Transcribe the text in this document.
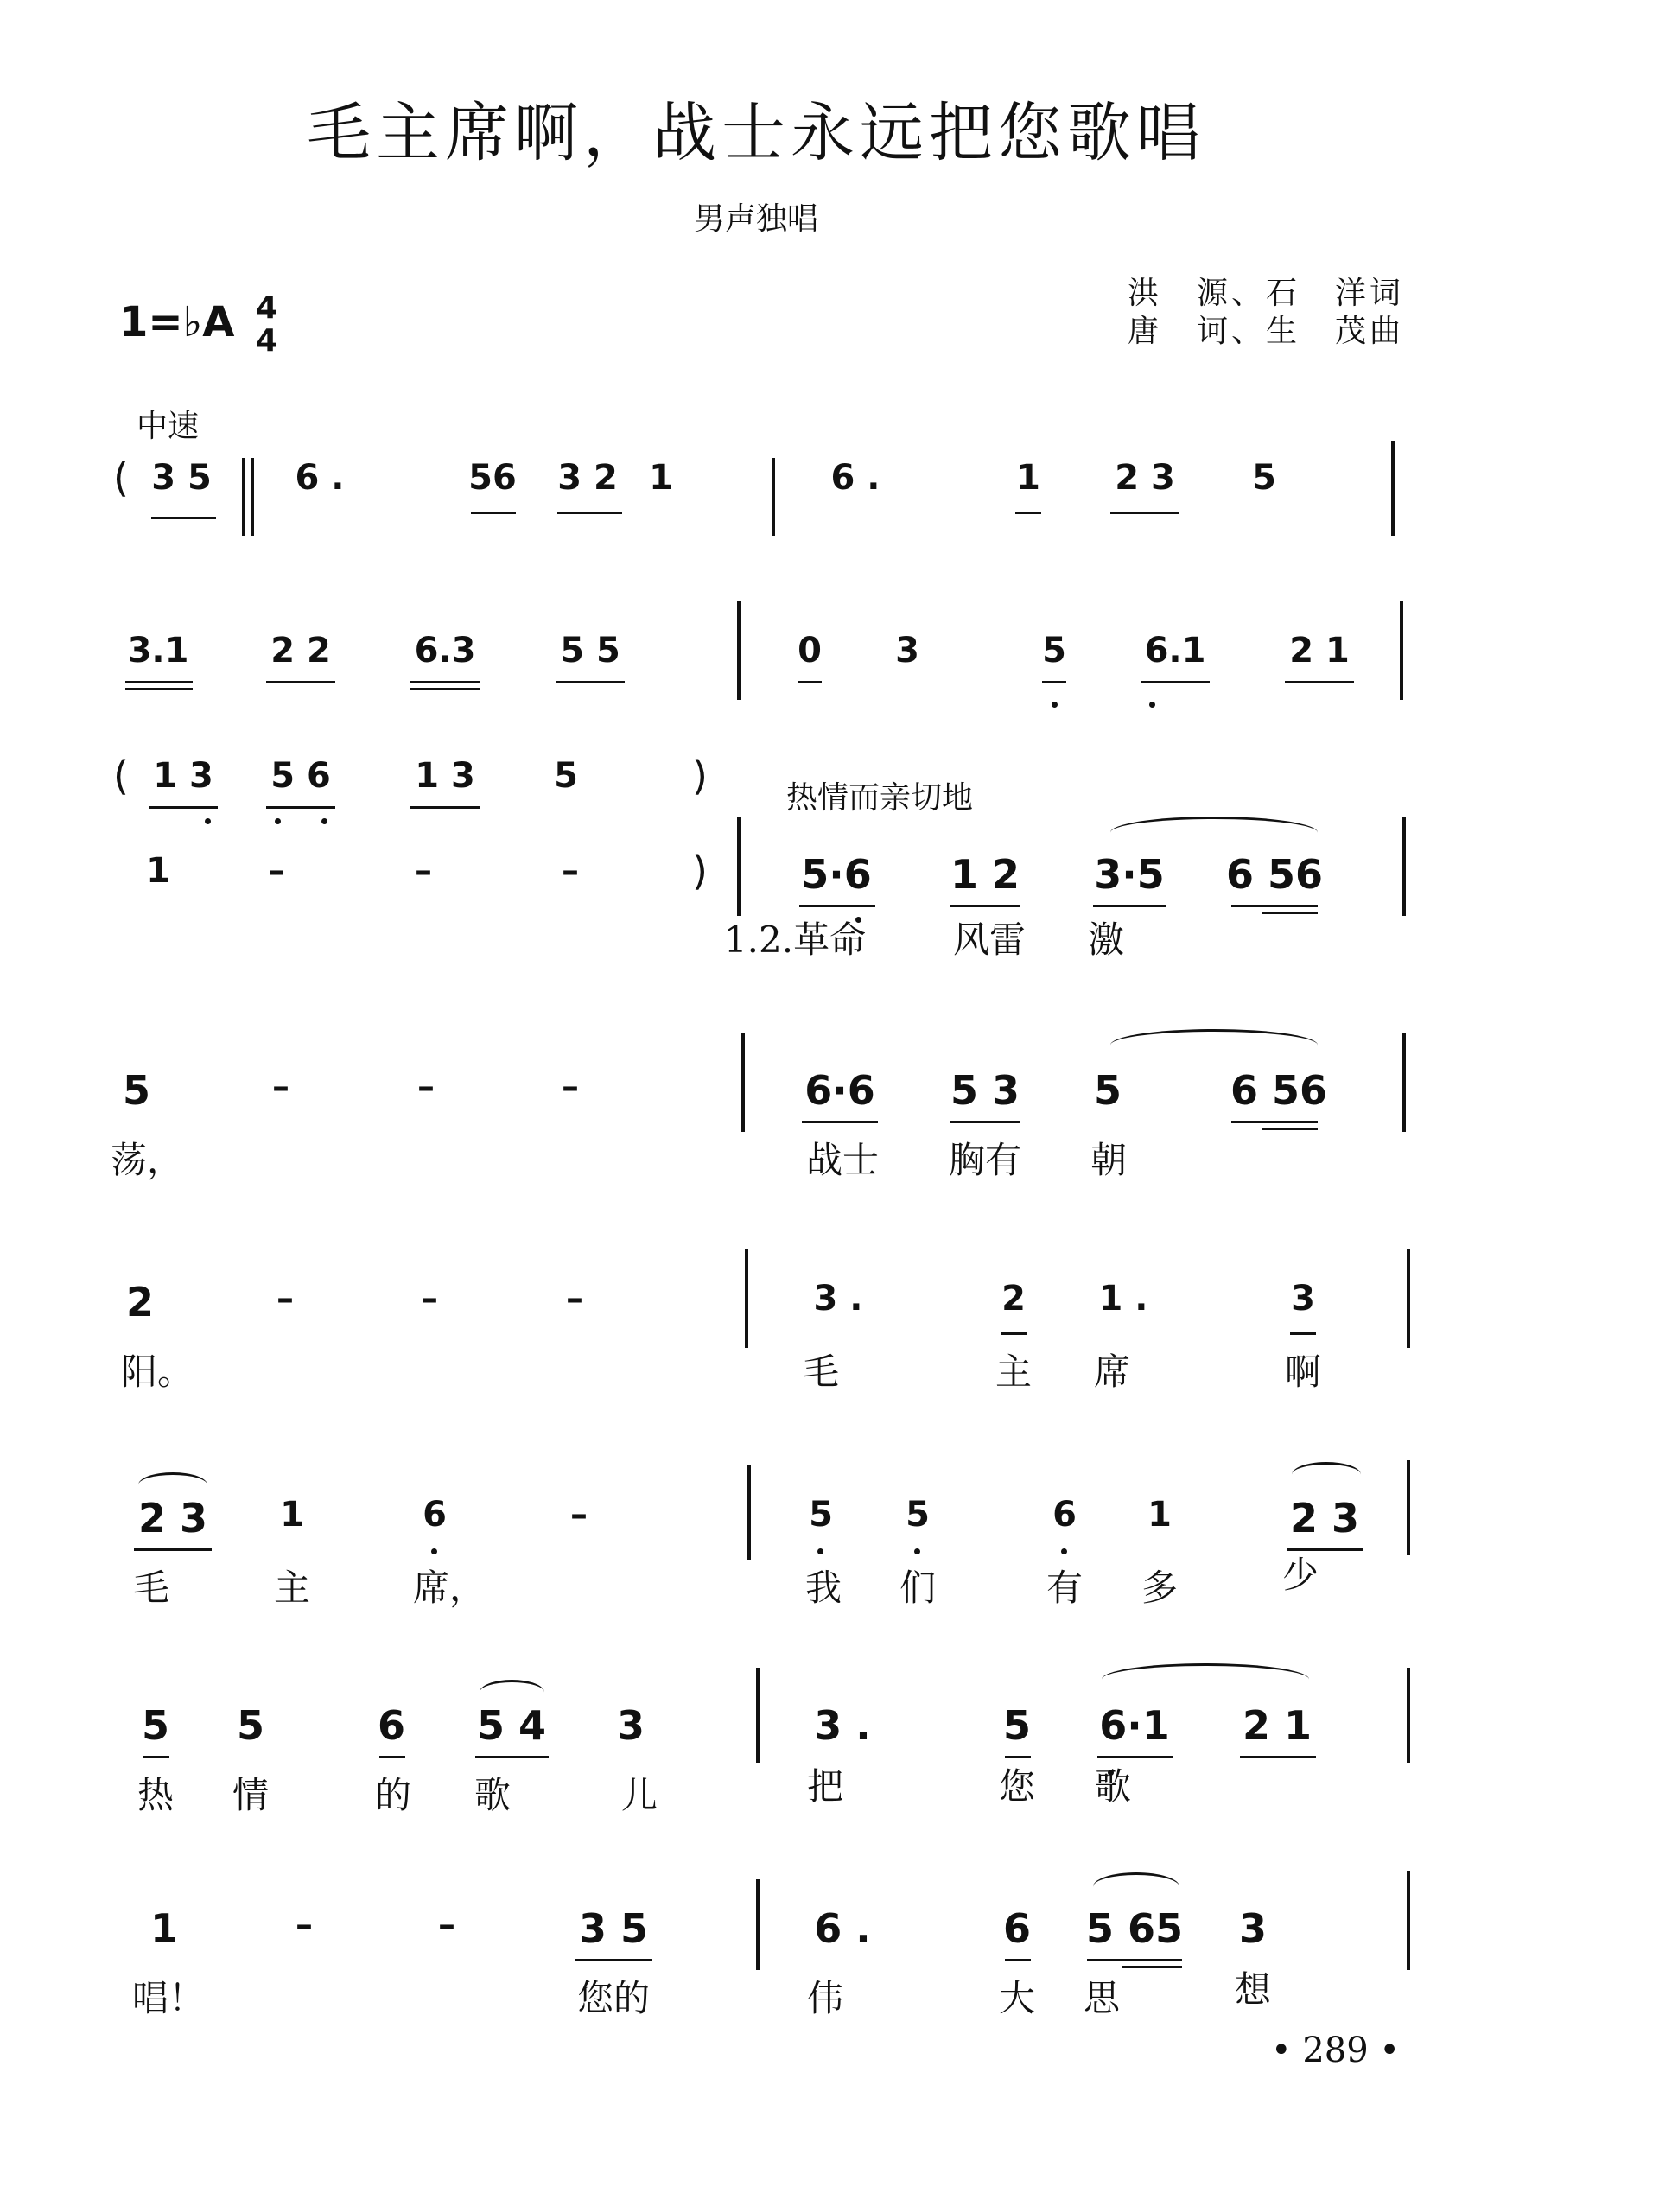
毛主席啊，战士永远把您歌唱
男声独唱
1=♭A 4
4
洪　源、石　洋词
唐　诃、生　茂曲
中速
热情而亲切地
( 3 5 6 .	56 3 2 1	6 .	1 2 3 5
3.1 2 2 6.3 5 5	0 3	5 6.1 2 1
( 1 3 5 6 1 3 5	)
1	–	–	–	) 5·6 1 2 3·5 6 56
1.2.革命 风雷 激
5	–	–	–	6·6 5 3 5	6 56
荡，	战士 胸有 朝
2	–	–	–	3 .	2 1 .	3
阳。	毛	主 席	啊
2 3 1	6	–	5 5	6 1	2 3
毛	主	席，	我 们	有 多	少
5 5	6 5 4 3	3 .	5 6·1 2 1
热 情	的 歌	儿	把	您 歌
1	–	–	3 5	6 .	6 5 65 3
唱！	您的	伟	大 思	想
• 289 •
